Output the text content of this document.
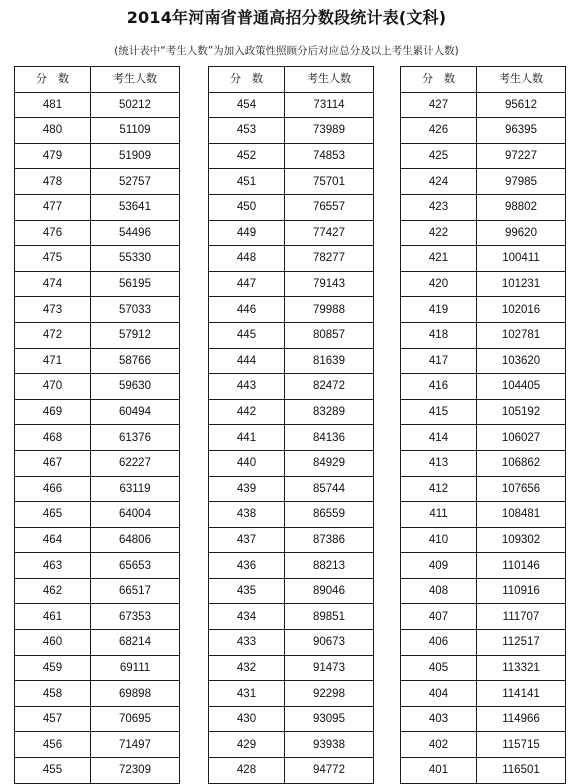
2014年河南省普通高招分数段统计表(文科)
(统计表中“考生人数”为加入政策性照顾分后对应总分及以上考生累计人数)
分　数	考生人数
481	50212
480	51109
479	51909
478	52757
477	53641
476	54496
475	55330
474	56195
473	57033
472	57912
471	58766
470	59630
469	60494
468	61376
467	62227
466	63119
465	64004
464	64806
463	65653
462	66517
461	67353
460	68214
459	69111
458	69898
457	70695
456	71497
455	72309
分　数	考生人数
454	73114
453	73989
452	74853
451	75701
450	76557
449	77427
448	78277
447	79143
446	79988
445	80857
444	81639
443	82472
442	83289
441	84136
440	84929
439	85744
438	86559
437	87386
436	88213
435	89046
434	89851
433	90673
432	91473
431	92298
430	93095
429	93938
428	94772
分　数	考生人数
427	95612
426	96395
425	97227
424	97985
423	98802
422	99620
421	100411
420	101231
419	102016
418	102781
417	103620
416	104405
415	105192
414	106027
413	106862
412	107656
411	108481
410	109302
409	110146
408	110916
407	111707
406	112517
405	113321
404	114141
403	114966
402	115715
401	116501
